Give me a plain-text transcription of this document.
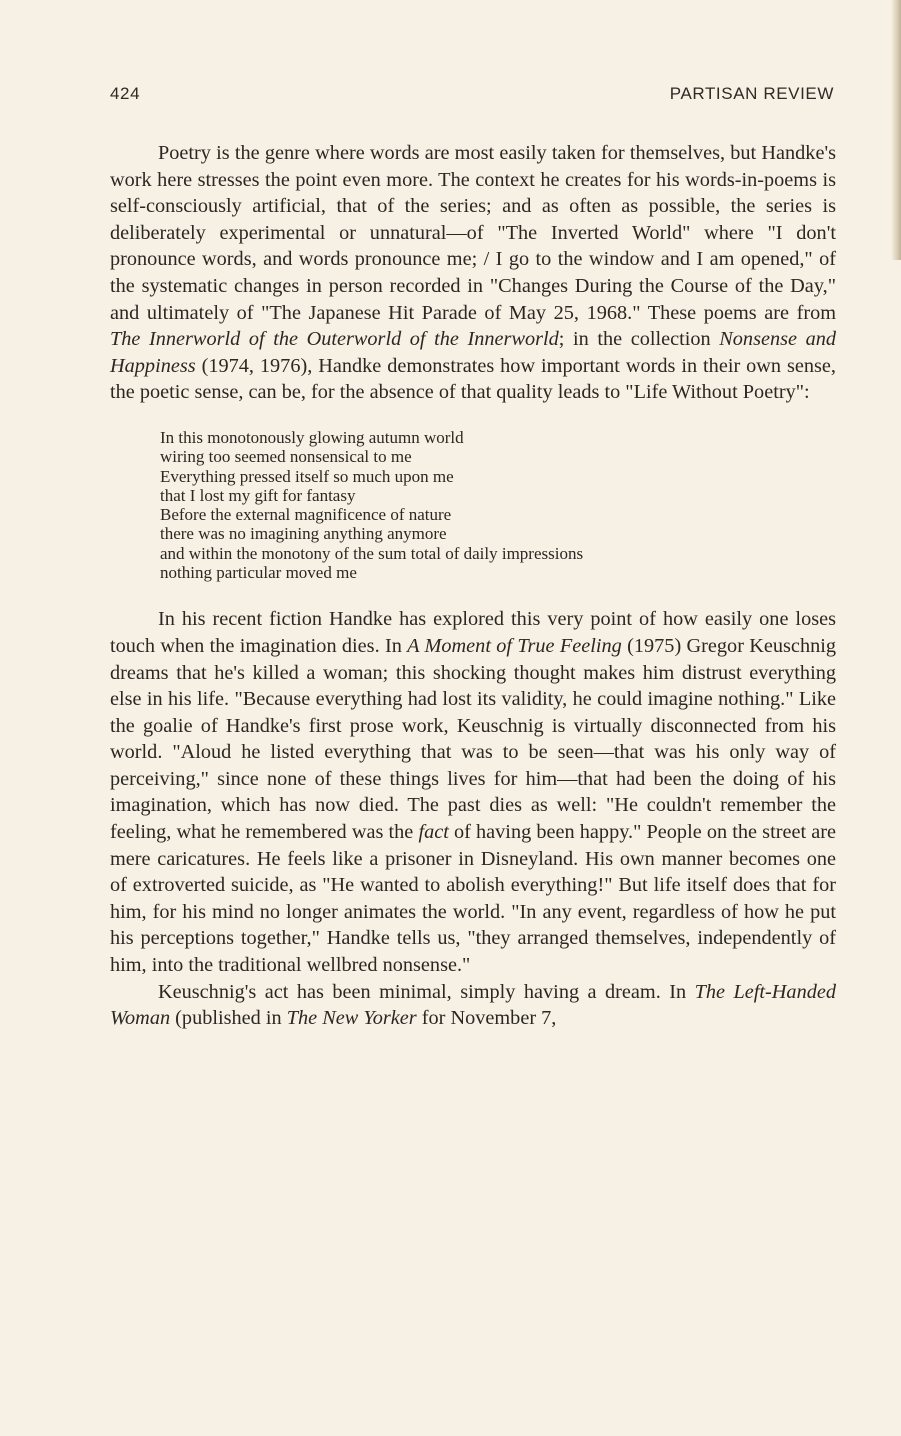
424	PARTISAN REVIEW

Poetry is the genre where words are most easily taken for themselves, but Handke's work here stresses the point even more. The context he creates for his words-in-poems is self-consciously artificial, that of the series; and as often as possible, the series is deliberately experimental or unnatural—of "The Inverted World" where "I don't pronounce words, and words pronounce me; / I go to the window and I am opened," of the systematic changes in person recorded in "Changes During the Course of the Day," and ultimately of "The Japanese Hit Parade of May 25, 1968." These poems are from The Innerworld of the Outerworld of the Innerworld; in the collection Nonsense and Happiness (1974, 1976), Handke demonstrates how important words in their own sense, the poetic sense, can be, for the absence of that quality leads to "Life Without Poetry":

In this monotonously glowing autumn world
wiring too seemed nonsensical to me
Everything pressed itself so much upon me
that I lost my gift for fantasy
Before the external magnificence of nature
there was no imagining anything anymore
and within the monotony of the sum total of daily impressions
nothing particular moved me

In his recent fiction Handke has explored this very point of how easily one loses touch when the imagination dies. In A Moment of True Feeling (1975) Gregor Keuschnig dreams that he's killed a woman; this shocking thought makes him distrust everything else in his life. "Because everything had lost its validity, he could imagine nothing." Like the goalie of Handke's first prose work, Keuschnig is virtually disconnected from his world. "Aloud he listed everything that was to be seen—that was his only way of perceiving," since none of these things lives for him—that had been the doing of his imagination, which has now died. The past dies as well: "He couldn't remember the feeling, what he remembered was the fact of having been happy." People on the street are mere caricatures. He feels like a prisoner in Disneyland. His own manner becomes one of extroverted suicide, as "He wanted to abolish everything!" But life itself does that for him, for his mind no longer animates the world. "In any event, regardless of how he put his perceptions together," Handke tells us, "they arranged themselves, independently of him, into the traditional wellbred nonsense."

Keuschnig's act has been minimal, simply having a dream. In The Left-Handed Woman (published in The New Yorker for November 7,
